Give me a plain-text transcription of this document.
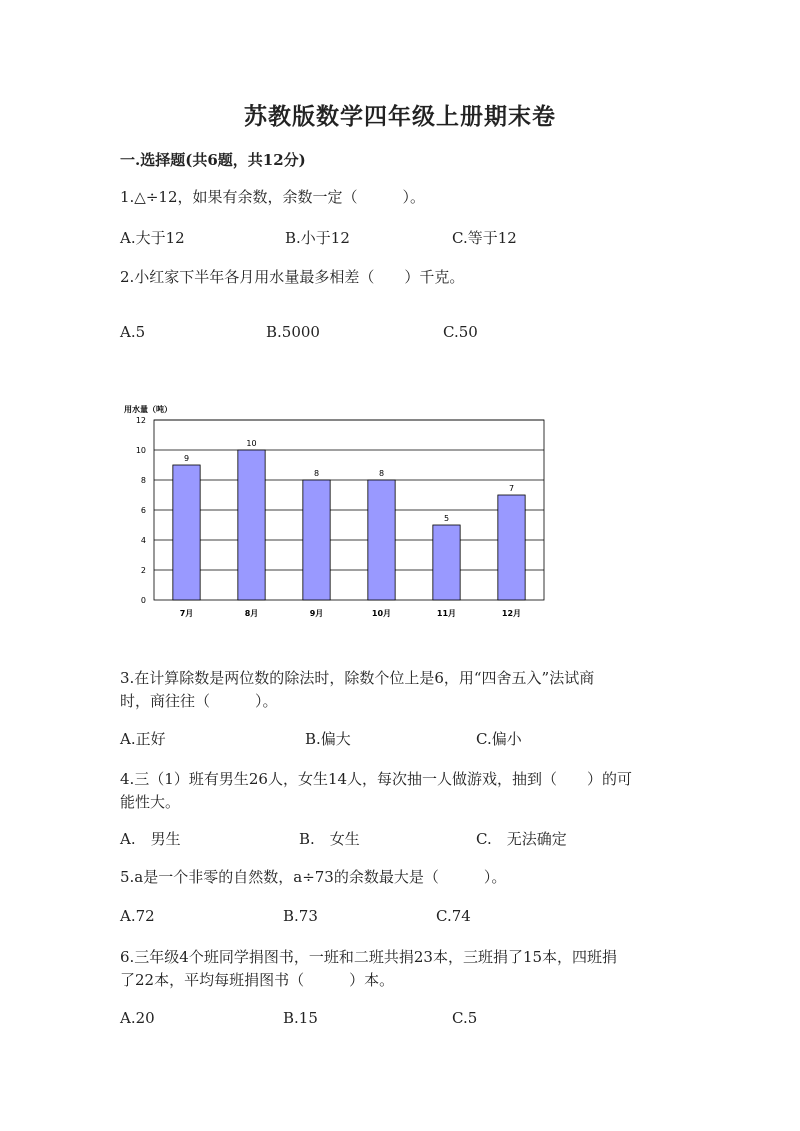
苏教版数学四年级上册期末卷
一.选择题(共6题，共12分)
1.△÷12，如果有余数，余数一定（　　　）。
A.大于12	B.小于12	C.等于12
2.小红家下半年各月用水量最多相差（　　）千克。
A.5	B.5000	C.50
用水量（吨）
0
2
4
6
8
10
12
9
7月
10
8月
8
9月
8
10月
5
11月
7
12月
3.在计算除数是两位数的除法时，除数个位上是6，用“四舍五入”法试商
时，商往往（　　　）。
A.正好	B.偏大	C.偏小
4.三（1）班有男生26人，女生14人，每次抽一人做游戏，抽到（　　）的可
能性大。
A.　男生	B.　女生	C.　无法确定
5.a是一个非零的自然数，a÷73的余数最大是（　　　）。
A.72	B.73	C.74
6.三年级4个班同学捐图书，一班和二班共捐23本，三班捐了15本，四班捐
了22本，平均每班捐图书（　　　）本。
A.20	B.15	C.5
